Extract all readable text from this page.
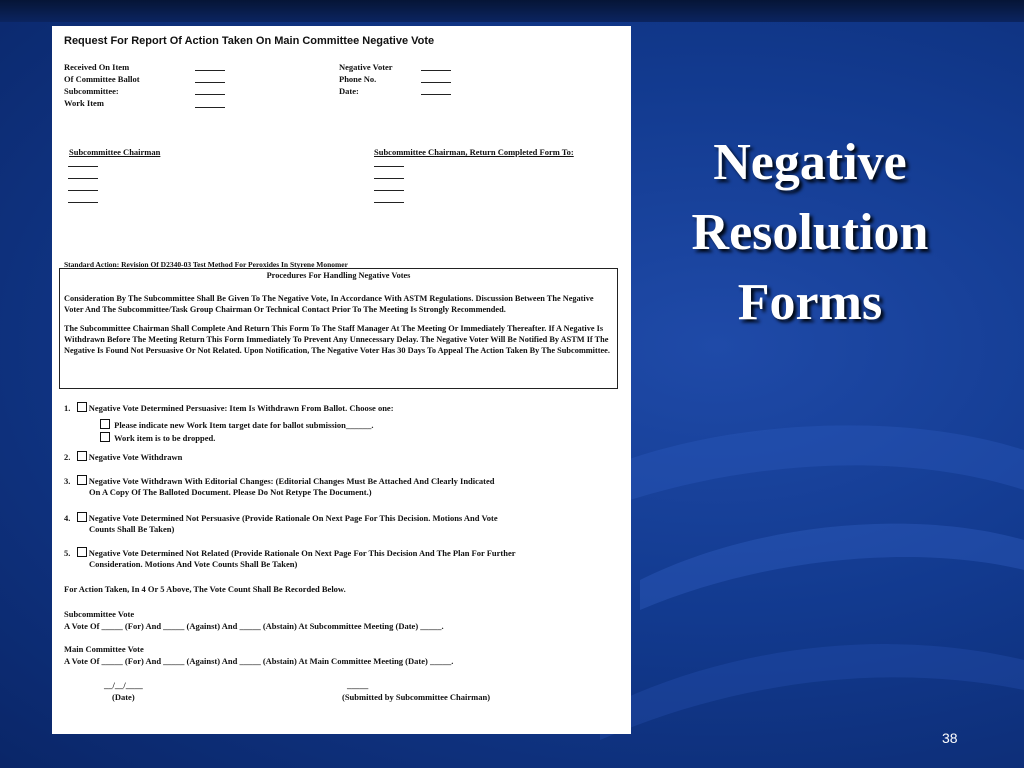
Request For Report Of Action Taken On Main Committee Negative Vote
Received On Item
Of Committee Ballot
Subcommittee:
Work Item
Negative Voter
Phone No.
Date:
Subcommittee Chairman	Subcommittee Chairman, Return Completed Form To:
Standard Action: Revision Of D2340-03 Test Method For Peroxides In Styrene Monomer
Procedures For Handling Negative Votes
Consideration By The Subcommittee Shall Be Given To The Negative Vote, In Accordance With ASTM Regulations. Discussion Between The Negative Voter And The Subcommittee/Task Group Chairman Or Technical Contact Prior To The Meeting Is Strongly Recommended.
The Subcommittee Chairman Shall Complete And Return This Form To The Staff Manager At The Meeting Or Immediately Thereafter. If A Negative Is Withdrawn Before The Meeting Return This Form Immediately To Prevent Any Unnecessary Delay. The Negative Voter Will Be Notified By ASTM If The Negative Is Found Not Persuasive Or Not Related. Upon Notification, The Negative Voter Has 30 Days To Appeal The Action Taken By The Subcommittee.
1. Negative Vote Determined Persuasive: Item Is Withdrawn From Ballot. Choose one:
Please indicate new Work Item target date for ballot submission______.
Work item is to be dropped.
2. Negative Vote Withdrawn
3. Negative Vote Withdrawn With Editorial Changes: (Editorial Changes Must Be Attached And Clearly Indicated
On A Copy Of The Balloted Document. Please Do Not Retype The Document.)
4. Negative Vote Determined Not Persuasive (Provide Rationale On Next Page For This Decision. Motions And Vote
Counts Shall Be Taken)
5. Negative Vote Determined Not Related (Provide Rationale On Next Page For This Decision And The Plan For Further
Consideration. Motions And Vote Counts Shall Be Taken)
For Action Taken, In 4 Or 5 Above, The Vote Count Shall Be Recorded Below.
Subcommittee Vote
A Vote Of _____ (For) And _____ (Against) And _____ (Abstain) At Subcommittee Meeting (Date) _____.
Main Committee Vote
A Vote Of _____ (For) And _____ (Against) And _____ (Abstain) At Main Committee Meeting (Date) _____.
__/__/____
(Date)
_____
(Submitted by Subcommittee Chairman)
Negative
Resolution
Forms
38
